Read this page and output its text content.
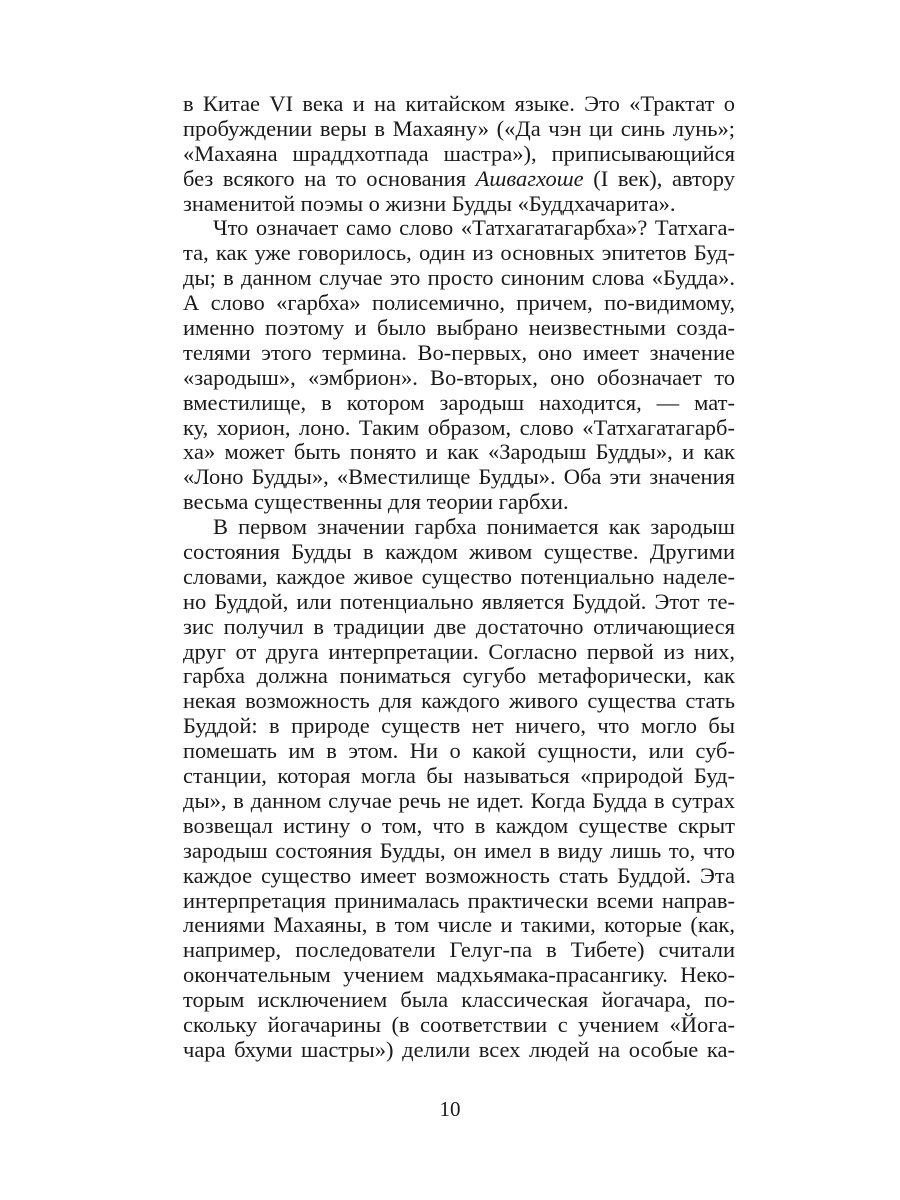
в Китае VI века и на китайском языке. Это «Трактат о
пробуждении веры в Махаяну» («Да чэн ци синь лунь»;
«Махаяна шраддхотпада шастра»), приписывающийся
без всякого на то основания Ашвагхоше (I век), автору
знаменитой поэмы о жизни Будды «Буддхачарита».
Что означает само слово «Татхагатагарбха»? Татхага-
та, как уже говорилось, один из основных эпитетов Буд-
ды; в данном случае это просто синоним слова «Будда».
А слово «гарбха» полисемично, причем, по-видимому,
именно поэтому и было выбрано неизвестными созда-
телями этого термина. Во-первых, оно имеет значение
«зародыш», «эмбрион». Во-вторых, оно обозначает то
вместилище, в котором зародыш находится, — мат-
ку, хорион, лоно. Таким образом, слово «Татхагатагарб-
ха» может быть понято и как «Зародыш Будды», и как
«Лоно Будды», «Вместилище Будды». Оба эти значения
весьма существенны для теории гарбхи.
В первом значении гарбха понимается как зародыш
состояния Будды в каждом живом существе. Другими
словами, каждое живое существо потенциально наделе-
но Буддой, или потенциально является Буддой. Этот те-
зис получил в традиции две достаточно отличающиеся
друг от друга интерпретации. Согласно первой из них,
гарбха должна пониматься сугубо метафорически, как
некая возможность для каждого живого существа стать
Буддой: в природе существ нет ничего, что могло бы
помешать им в этом. Ни о какой сущности, или суб-
станции, которая могла бы называться «природой Буд-
ды», в данном случае речь не идет. Когда Будда в сутрах
возвещал истину о том, что в каждом существе скрыт
зародыш состояния Будды, он имел в виду лишь то, что
каждое существо имеет возможность стать Буддой. Эта
интерпретация принималась практически всеми направ-
лениями Махаяны, в том числе и такими, которые (как,
например, последователи Гелуг-па в Тибете) считали
окончательным учением мадхьямака-прасангику. Неко-
торым исключением была классическая йогачара, по-
скольку йогачарины (в соответствии с учением «Йога-
чара бхуми шастры») делили всех людей на особые ка-
10
